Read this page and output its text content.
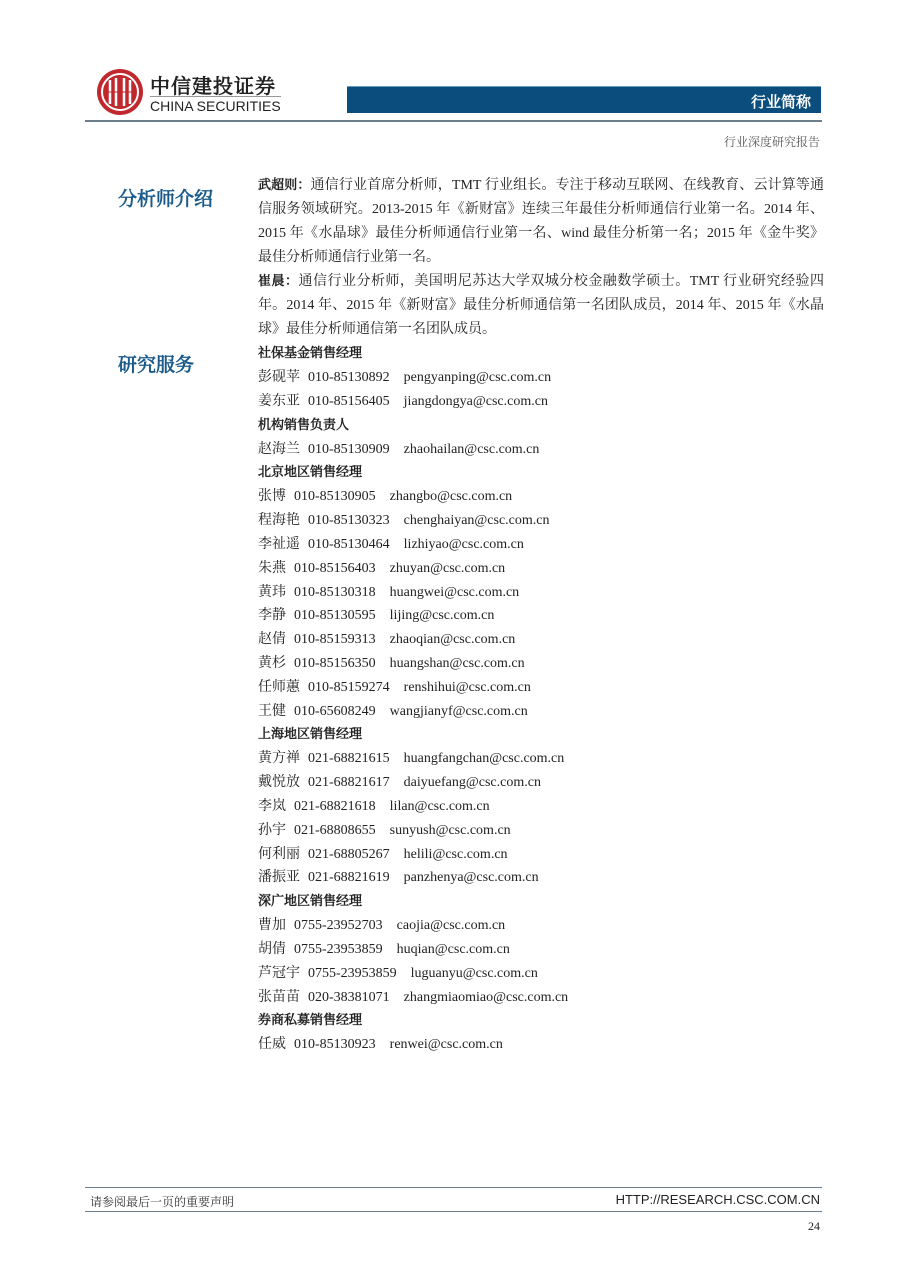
中信建投证券
CHINA SECURITIES	行业简称
行业深度研究报告
分析师介绍
研究服务
武超则：通信行业首席分析师，TMT 行业组长。专注于移动互联网、在线教育、云计算等通信服务领域研究。2013-2015 年《新财富》连续三年最佳分析师通信行业第一名。2014 年、2015 年《水晶球》最佳分析师通信行业第一名、wind 最佳分析第一名；2015 年《金牛奖》最佳分析师通信行业第一名。
崔晨：通信行业分析师，美国明尼苏达大学双城分校金融数学硕士。TMT 行业研究经验四年。2014 年、2015 年《新财富》最佳分析师通信第一名团队成员，2014 年、2015 年《水晶球》最佳分析师通信第一名团队成员。
社保基金销售经理
彭砚苹 010-85130892 pengyanping@csc.com.cn
姜东亚 010-85156405 jiangdongya@csc.com.cn
机构销售负责人
赵海兰 010-85130909 zhaohailan@csc.com.cn
北京地区销售经理
张博 010-85130905 zhangbo@csc.com.cn
程海艳 010-85130323 chenghaiyan@csc.com.cn
李祉遥 010-85130464 lizhiyao@csc.com.cn
朱燕 010-85156403 zhuyan@csc.com.cn
黄玮 010-85130318 huangwei@csc.com.cn
李静 010-85130595 lijing@csc.com.cn
赵倩 010-85159313 zhaoqian@csc.com.cn
黄杉 010-85156350 huangshan@csc.com.cn
任师蕙 010-85159274 renshihui@csc.com.cn
王健 010-65608249 wangjianyf@csc.com.cn
上海地区销售经理
黄方禅 021-68821615 huangfangchan@csc.com.cn
戴悦放 021-68821617 daiyuefang@csc.com.cn
李岚 021-68821618 lilan@csc.com.cn
孙宇 021-68808655 sunyush@csc.com.cn
何利丽 021-68805267 helili@csc.com.cn
潘振亚 021-68821619 panzhenya@csc.com.cn
深广地区销售经理
曹加 0755-23952703 caojia@csc.com.cn
胡倩 0755-23953859 huqian@csc.com.cn
芦冠宇 0755-23953859 luguanyu@csc.com.cn
张苗苗 020-38381071 zhangmiaomiao@csc.com.cn
券商私募销售经理
任威 010-85130923 renwei@csc.com.cn
请参阅最后一页的重要声明	HTTP://RESEARCH.CSC.COM.CN
24
